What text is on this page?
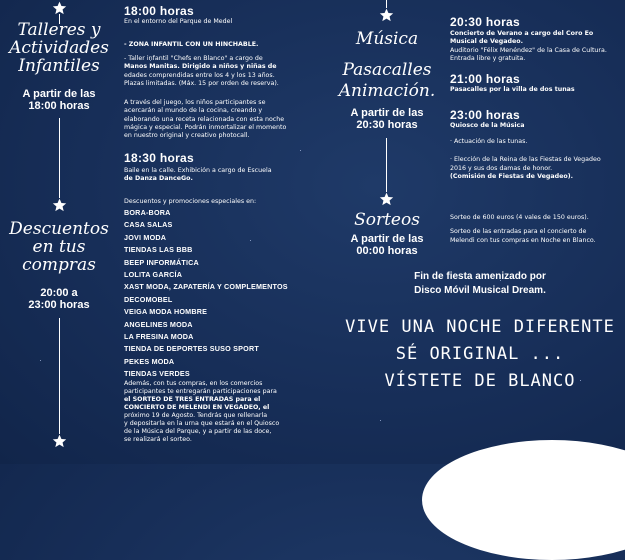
Talleres y
Actividades
Infantiles
A partir de las
18:00 horas
Descuentos
en tus
compras
20:00 a
23:00 horas
18:00 horas
En el entorno del Parque de Medel
- ZONA INFANTIL CON UN HINCHABLE.
- Taller infantil "Chefs en Blanco" a cargo de
Manos Manitas. Dirigido a niños y niñas de
edades comprendidas entre los 4 y los 13 años.
Plazas limitadas. (Máx. 15 por orden de reserva).
A través del juego, los niños participantes se
acercarán al mundo de la cocina, creando y
elaborando una receta relacionada con esta noche
mágica y especial. Podrán inmortalizar el momento
en nuestro original y creativo photocall.
18:30 horas
Baile en la calle. Exhibición a cargo de Escuela
de Danza DanceGo.
Descuentos y promociones especiales en:
BORA-BORA
CASA SALAS
JOVI MODA
TIENDAS LAS BBB
BEEP INFORMÁTICA
LOLITA GARCÍA
XAST MODA, ZAPATERÍA Y COMPLEMENTOS
DECOMOBEL
VEIGA MODA HOMBRE
ANGELINES MODA
LA FRESINA MODA
TIENDA DE DEPORTES SUSO SPORT
PEKES MODA
TIENDAS VERDES
Además, con tus compras, en los comercios
participantes te entregarán participaciones para
el SORTEO DE TRES ENTRADAS para el
CONCIERTO DE MELENDI EN VEGADEO, el
próximo 19 de Agosto. Tendrás que rellenarla
y depositarla en la urna que estará en el Quiosco
de la Música del Parque, y a partir de las doce,
se realizará el sorteo.
Música
Pasacalles
Animación.
A partir de las
20:30 horas
Sorteos
A partir de las
00:00 horas
20:30 horas
Concierto de Verano a cargo del Coro Eo
Musical de Vegadeo.
Auditorio "Félix Menéndez" de la Casa de Cultura.
Entrada libre y gratuita.
21:00 horas
Pasacalles por la villa de dos tunas
23:00 horas
Quiosco de la Música
· Actuación de las tunas.
· Elección de la Reina de las Fiestas de Vegadeo
2016 y sus dos damas de honor.
(Comisión de Fiestas de Vegadeo).
Sorteo de 600 euros (4 vales de 150 euros).
Sorteo de las entradas para el concierto de
Melendi con tus compras en Noche en Blanco.
Fin de fiesta amenizado por
Disco Móvil Musical Dream.
VIVE UNA NOCHE DIFERENTE
SÉ ORIGINAL ...
VÍSTETE DE BLANCO
